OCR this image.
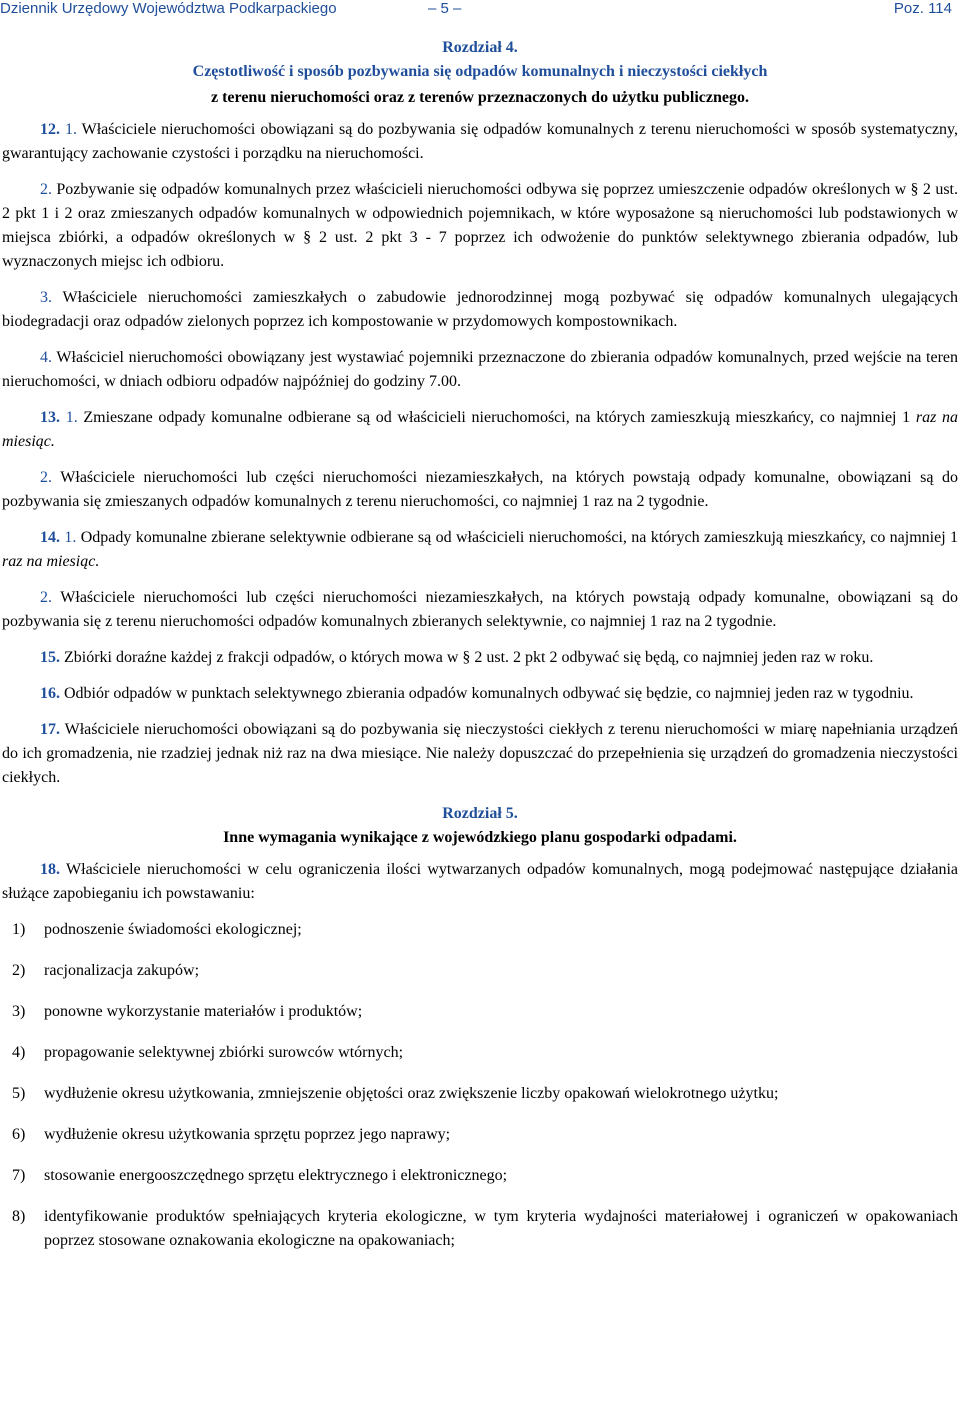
Dziennik Urzędowy Województwa Podkarpackiego	– 5 –	Poz. 114
Rozdział 4.
Częstotliwość i sposób pozbywania się odpadów komunalnych i nieczystości ciekłych
z terenu nieruchomości oraz z terenów przeznaczonych do użytku publicznego.

12. 1. Właściciele nieruchomości obowiązani są do pozbywania się odpadów komunalnych z terenu nieruchomości w sposób systematyczny, gwarantujący zachowanie czystości i porządku na nieruchomości.

2. Pozbywanie się odpadów komunalnych przez właścicieli nieruchomości odbywa się poprzez umieszczenie odpadów określonych w § 2 ust. 2 pkt 1 i 2 oraz zmieszanych odpadów komunalnych w odpowiednich pojemnikach, w które wyposażone są nieruchomości lub podstawionych w miejsca zbiórki, a odpadów określonych w § 2 ust. 2 pkt 3 - 7 poprzez ich odwożenie do punktów selektywnego zbierania odpadów, lub wyznaczonych miejsc ich odbioru.

3. Właściciele nieruchomości zamieszkałych o zabudowie jednorodzinnej mogą pozbywać się odpadów komunalnych ulegających biodegradacji oraz odpadów zielonych poprzez ich kompostowanie w przydomowych kompostownikach.

4. Właściciel nieruchomości obowiązany jest wystawiać pojemniki przeznaczone do zbierania odpadów komunalnych, przed wejście na teren nieruchomości, w dniach odbioru odpadów najpóźniej do godziny 7.00.

13. 1. Zmieszane odpady komunalne odbierane są od właścicieli nieruchomości, na których zamieszkują mieszkańcy, co najmniej 1 raz na miesiąc.

2. Właściciele nieruchomości lub części nieruchomości niezamieszkałych, na których powstają odpady komunalne, obowiązani są do pozbywania się zmieszanych odpadów komunalnych z terenu nieruchomości, co najmniej 1 raz na 2 tygodnie.

14. 1. Odpady komunalne zbierane selektywnie odbierane są od właścicieli nieruchomości, na których zamieszkują mieszkańcy, co najmniej 1 raz na miesiąc.

2. Właściciele nieruchomości lub części nieruchomości niezamieszkałych, na których powstają odpady komunalne, obowiązani są do pozbywania się z terenu nieruchomości odpadów komunalnych zbieranych selektywnie, co najmniej 1 raz na 2 tygodnie.

15. Zbiórki doraźne każdej z frakcji odpadów, o których mowa w § 2 ust. 2 pkt 2 odbywać się będą, co najmniej jeden raz w roku.

16. Odbiór odpadów w punktach selektywnego zbierania odpadów komunalnych odbywać się będzie, co najmniej jeden raz w tygodniu.

17. Właściciele nieruchomości obowiązani są do pozbywania się nieczystości ciekłych z terenu nieruchomości w miarę napełniania urządzeń do ich gromadzenia, nie rzadziej jednak niż raz na dwa miesiące. Nie należy dopuszczać do przepełnienia się urządzeń do gromadzenia nieczystości ciekłych.

Rozdział 5.
Inne wymagania wynikające z wojewódzkiego planu gospodarki odpadami.

18. Właściciele nieruchomości w celu ograniczenia ilości wytwarzanych odpadów komunalnych, mogą podejmować następujące działania służące zapobieganiu ich powstawaniu:

1)	podnoszenie świadomości ekologicznej;
2)	racjonalizacja zakupów;
3)	ponowne wykorzystanie materiałów i produktów;
4)	propagowanie selektywnej zbiórki surowców wtórnych;
5)	wydłużenie okresu użytkowania, zmniejszenie objętości oraz zwiększenie liczby opakowań wielokrotnego użytku;
6)	wydłużenie okresu użytkowania sprzętu poprzez jego naprawy;
7)	stosowanie energooszczędnego sprzętu elektrycznego i elektronicznego;
8)	identyfikowanie produktów spełniających kryteria ekologiczne, w tym kryteria wydajności materiałowej i ograniczeń w opakowaniach poprzez stosowane oznakowania ekologiczne na opakowaniach;
